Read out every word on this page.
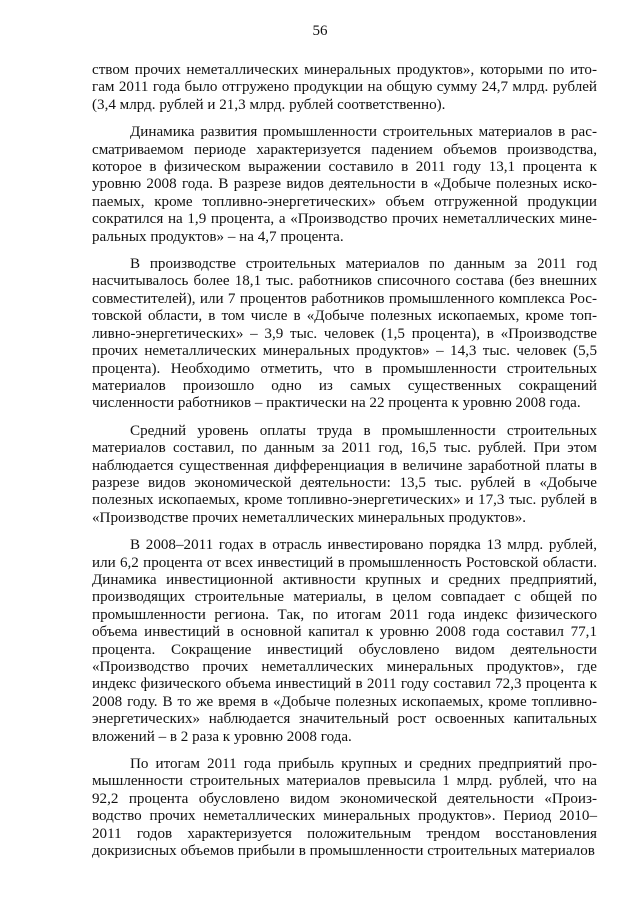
56

ством прочих неметаллических минеральных продуктов», которыми по итогам 2011 года было отгружено продукции на общую сумму 24,7 млрд. рублей (3,4 млрд. рублей и 21,3 млрд. рублей соответственно).

Динамика развития промышленности строительных материалов в рассматриваемом периоде характеризуется падением объемов производства, которое в физическом выражении составило в 2011 году 13,1 процента к уровню 2008 года. В разрезе видов деятельности в «Добыче полезных ископаемых, кроме топливно-энергетических» объем отгруженной продукции сократился на 1,9 процента, а «Производство прочих неметаллических минеральных продуктов» – на 4,7 процента.

В производстве строительных материалов по данным за 2011 год насчитывалось более 18,1 тыс. работников списочного состава (без внешних совместителей), или 7 процентов работников промышленного комплекса Ростовской области, в том числе в «Добыче полезных ископаемых, кроме топливно-энергетических» – 3,9 тыс. человек (1,5 процента), в «Производстве прочих неметаллических минеральных продуктов» – 14,3 тыс. человек (5,5 процента). Необходимо отметить, что в промышленности строительных материалов произошло одно из самых существенных сокращений численности работников – практически на 22 процента к уровню 2008 года.

Средний уровень оплаты труда в промышленности строительных материалов составил, по данным за 2011 год, 16,5 тыс. рублей. При этом наблюдается существенная дифференциация в величине заработной платы в разрезе видов экономической деятельности: 13,5 тыс. рублей в «Добыче полезных ископаемых, кроме топливно-энергетических» и 17,3 тыс. рублей в «Производстве прочих неметаллических минеральных продуктов».

В 2008–2011 годах в отрасль инвестировано порядка 13 млрд. рублей, или 6,2 процента от всех инвестиций в промышленность Ростовской области. Динамика инвестиционной активности крупных и средних предприятий, производящих строительные материалы, в целом совпадает с общей по промышленности региона. Так, по итогам 2011 года индекс физического объема инвестиций в основной капитал к уровню 2008 года составил 77,1 процента. Сокращение инвестиций обусловлено видом деятельности «Производство прочих неметаллических минеральных продуктов», где индекс физического объема инвестиций в 2011 году составил 72,3 процента к 2008 году. В то же время в «Добыче полезных ископаемых, кроме топливно-энергетических» наблюдается значительный рост освоенных капитальных вложений – в 2 раза к уровню 2008 года.

По итогам 2011 года прибыль крупных и средних предприятий промышленности строительных материалов превысила 1 млрд. рублей, что на 92,2 процента обусловлено видом экономической деятельности «Производство прочих неметаллических минеральных продуктов». Период 2010–2011 годов характеризуется положительным трендом восстановления докризисных объемов прибыли в промышленности строительных материалов
